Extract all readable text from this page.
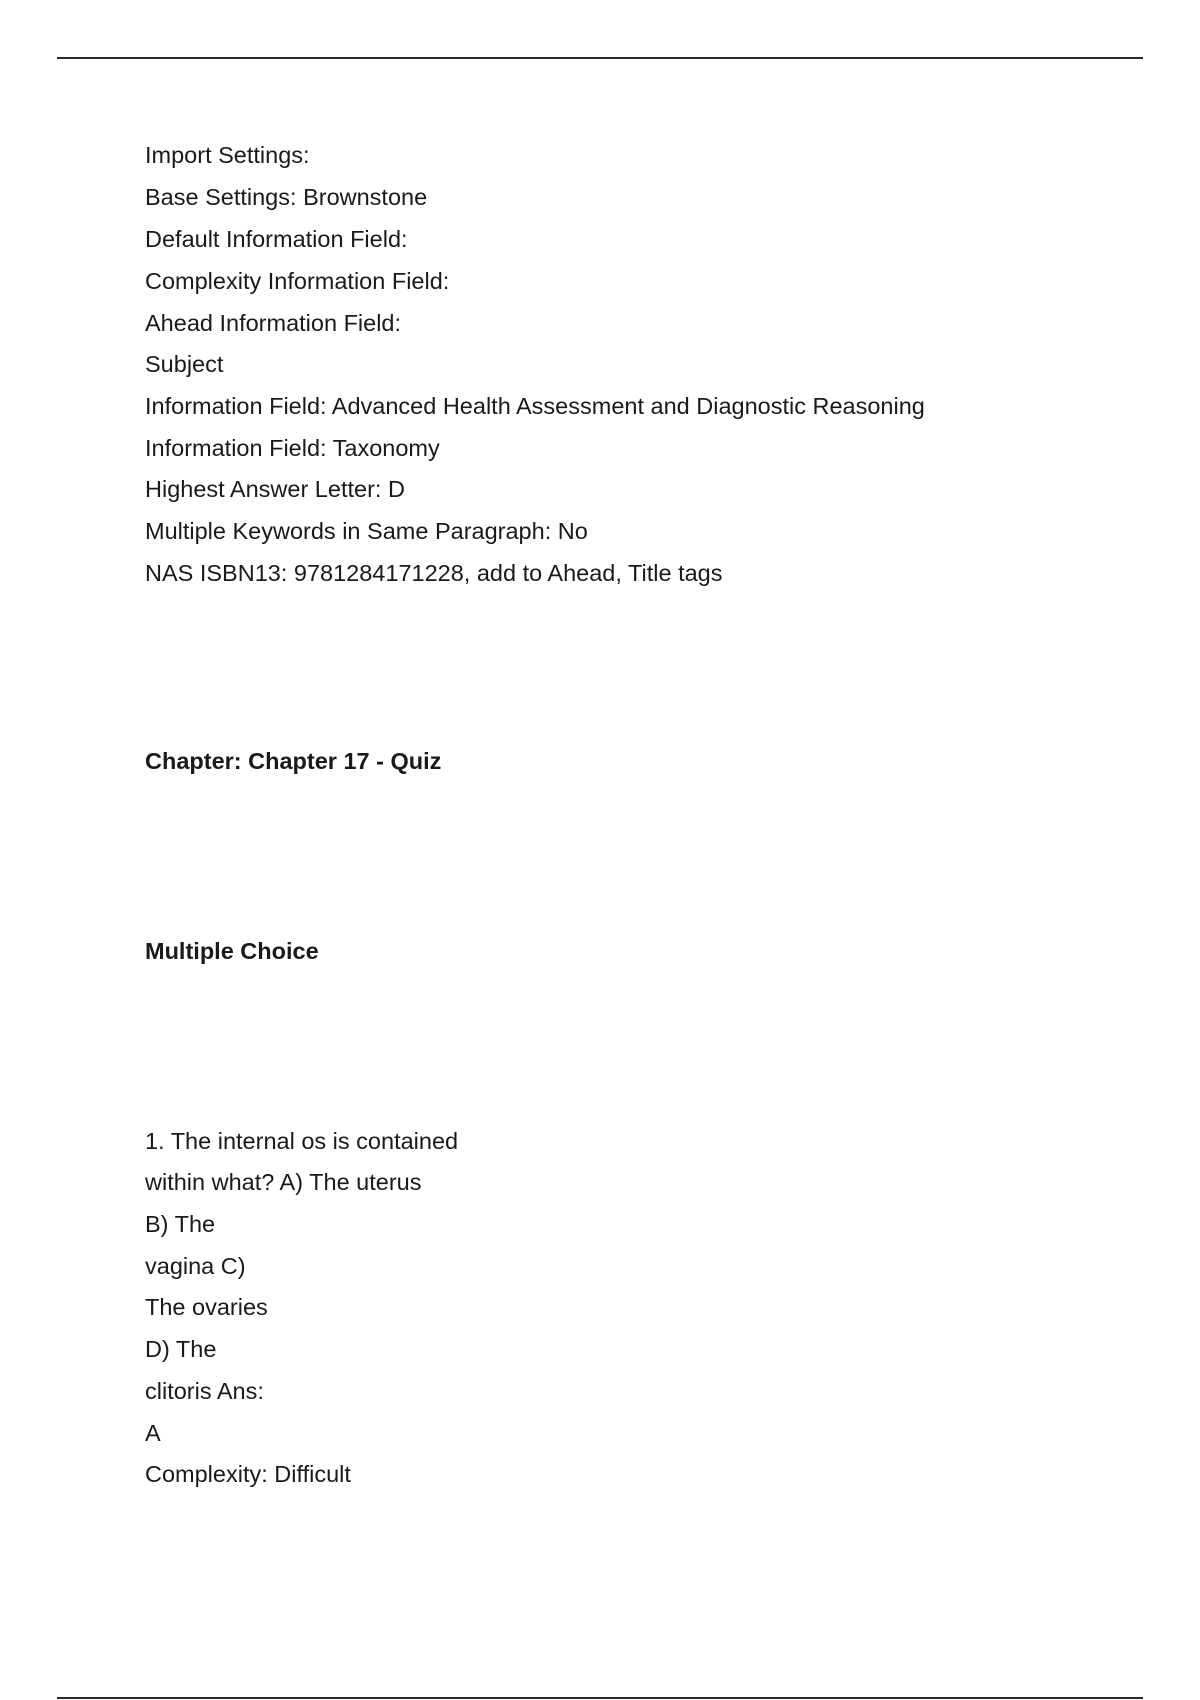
Import Settings:
Base Settings: Brownstone
Default Information Field:
Complexity Information Field:
Ahead Information Field:
Subject
Information Field: Advanced Health Assessment and Diagnostic Reasoning
Information Field: Taxonomy
Highest Answer Letter: D
Multiple Keywords in Same Paragraph: No
NAS ISBN13: 9781284171228, add to Ahead, Title tags
Chapter: Chapter 17 - Quiz
Multiple Choice
1. The internal os is contained
within what? A) The uterus
B) The
vagina C)
The ovaries
D) The
clitoris Ans:
A
Complexity: Difficult
